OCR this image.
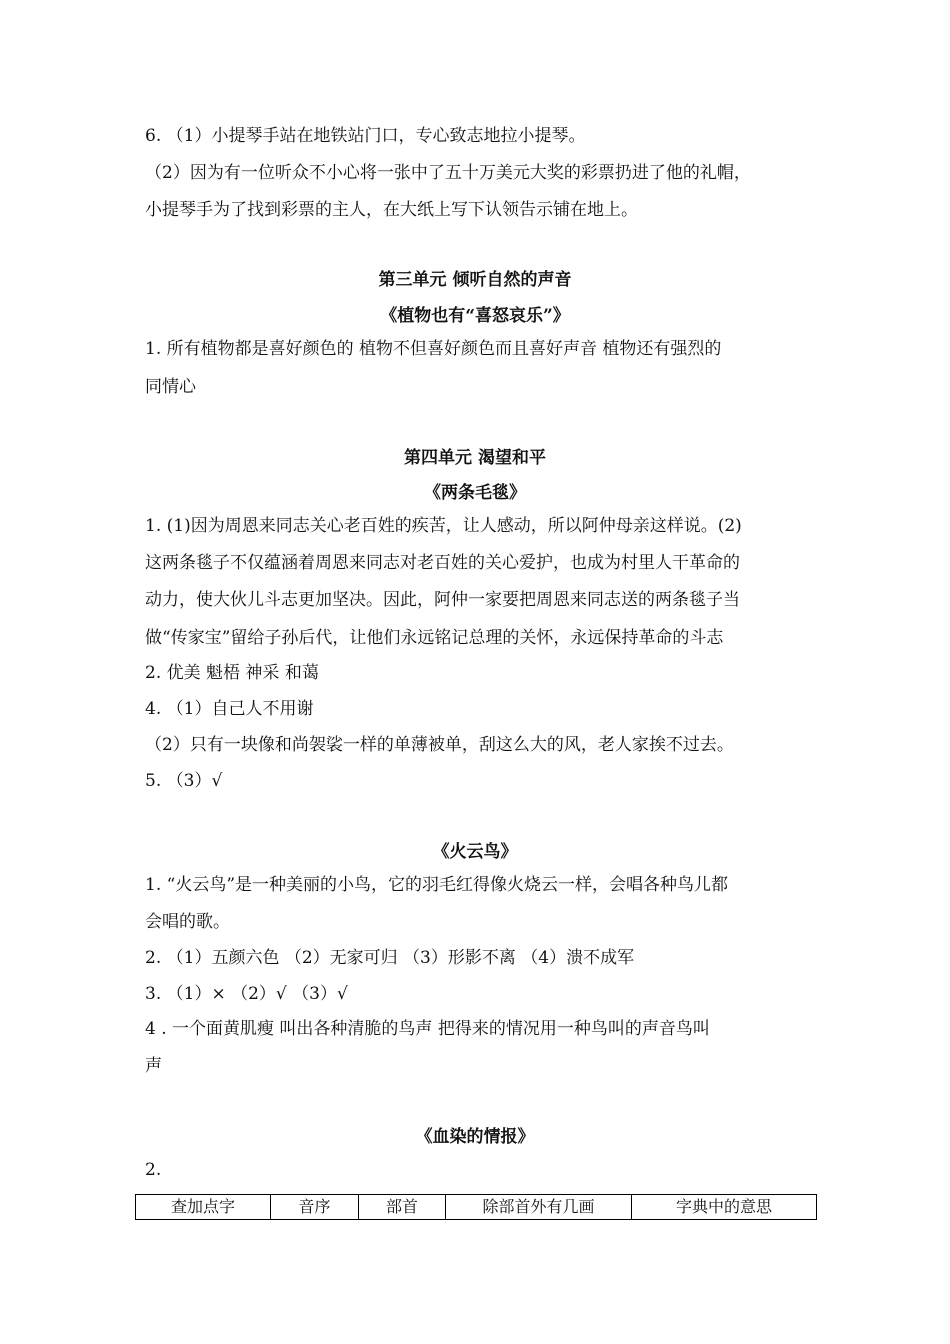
6. （1）小提琴手站在地铁站门口，专心致志地拉小提琴。
（2）因为有一位听众不小心将一张中了五十万美元大奖的彩票扔进了他的礼帽，
小提琴手为了找到彩票的主人，在大纸上写下认领告示铺在地上。
第三单元 倾听自然的声音
《植物也有“喜怒哀乐”》
1. 所有植物都是喜好颜色的 植物不但喜好颜色而且喜好声音 植物还有强烈的
同情心
第四单元 渴望和平
《两条毛毯》
1. (1)因为周恩来同志关心老百姓的疾苦，让人感动，所以阿仲母亲这样说。(2)
这两条毯子不仅蕴涵着周恩来同志对老百姓的关心爱护，也成为村里人干革命的
动力，使大伙儿斗志更加坚决。因此，阿仲一家要把周恩来同志送的两条毯子当
做“传家宝”留给子孙后代，让他们永远铭记总理的关怀，永远保持革命的斗志
2. 优美 魁梧 神采 和蔼
4. （1）自己人不用谢
（2）只有一块像和尚袈裟一样的单薄被单，刮这么大的风，老人家挨不过去。
5. （3）√
《火云鸟》
1. “火云鸟”是一种美丽的小鸟，它的羽毛红得像火烧云一样，会唱各种鸟儿都
会唱的歌。
2. （1）五颜六色 （2）无家可归 （3）形影不离 （4）溃不成军
3. （1）× （2）√ （3）√
4 . 一个面黄肌瘦 叫出各种清脆的鸟声 把得来的情况用一种鸟叫的声音鸟叫
声
《血染的情报》
2.
查加点字	音序	部首	除部首外有几画	字典中的意思
